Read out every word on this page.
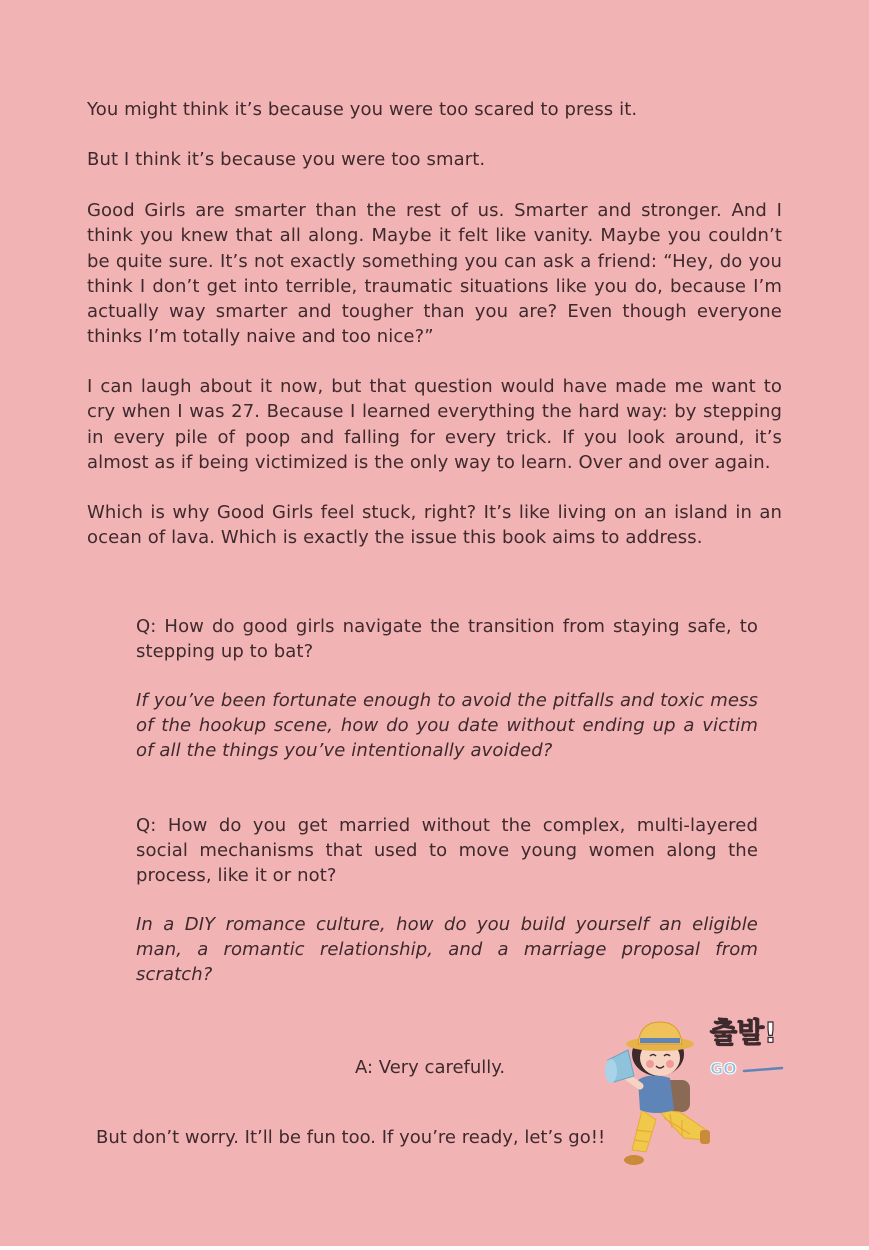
You might think it’s because you were too scared to press it.

But I think it’s because you were too smart.

Good Girls are smarter than the rest of us. Smarter and stronger. And I think you knew that all along. Maybe it felt like vanity. Maybe you couldn’t be quite sure. It’s not exactly something you can ask a friend: “Hey, do you think I don’t get into terrible, traumatic situations like you do, because I’m actually way smarter and tougher than you are? Even though everyone thinks I’m totally naive and too nice?”

I can laugh about it now, but that question would have made me want to cry when I was 27. Because I learned everything the hard way: by stepping in every pile of poop and falling for every trick. If you look around, it’s almost as if being victimized is the only way to learn. Over and over again.

Which is why Good Girls feel stuck, right? It’s like living on an island in an ocean of lava. Which is exactly the issue this book aims to address.

Q: How do good girls navigate the transition from staying safe, to stepping up to bat?

If you’ve been fortunate enough to avoid the pitfalls and toxic mess of the hookup scene, how do you date without ending up a victim of all the things you’ve intentionally avoided?

Q: How do you get married without the complex, multi-layered social mechanisms that used to move young women along the process, like it or not?

In a DIY romance culture, how do you build yourself an eligible man, a romantic relationship, and a marriage proposal from scratch?

A: Very carefully.

But don’t worry. It’ll be fun too. If you’re ready, let’s go!!

출발!
GO
